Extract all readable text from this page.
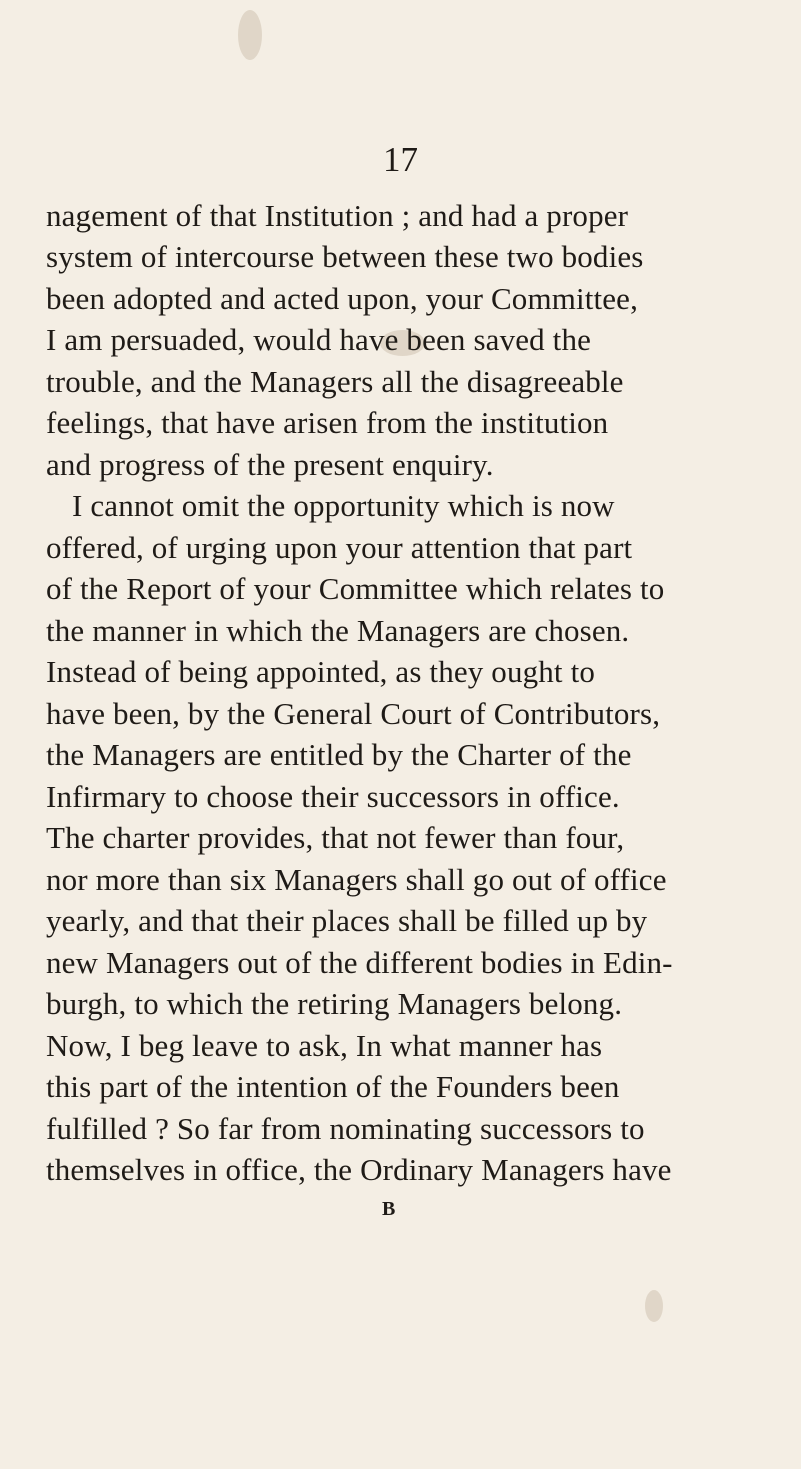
17
nagement of that Institution ; and had a proper
system of intercourse between these two bodies
been adopted and acted upon, your Committee,
I am persuaded, would have been saved the
trouble, and the Managers all the disagreeable
feelings, that have arisen from the institution
and progress of the present enquiry.
I cannot omit the opportunity which is now
offered, of urging upon your attention that part
of the Report of your Committee which relates to
the manner in which the Managers are chosen.
Instead of being appointed, as they ought to
have been, by the General Court of Contributors,
the Managers are entitled by the Charter of the
Infirmary to choose their successors in office.
The charter provides, that not fewer than four,
nor more than six Managers shall go out of office
yearly, and that their places shall be filled up by
new Managers out of the different bodies in Edin-
burgh, to which the retiring Managers belong.
Now, I beg leave to ask, In what manner has
this part of the intention of the Founders been
fulfilled ? So far from nominating successors to
themselves in office, the Ordinary Managers have
B
